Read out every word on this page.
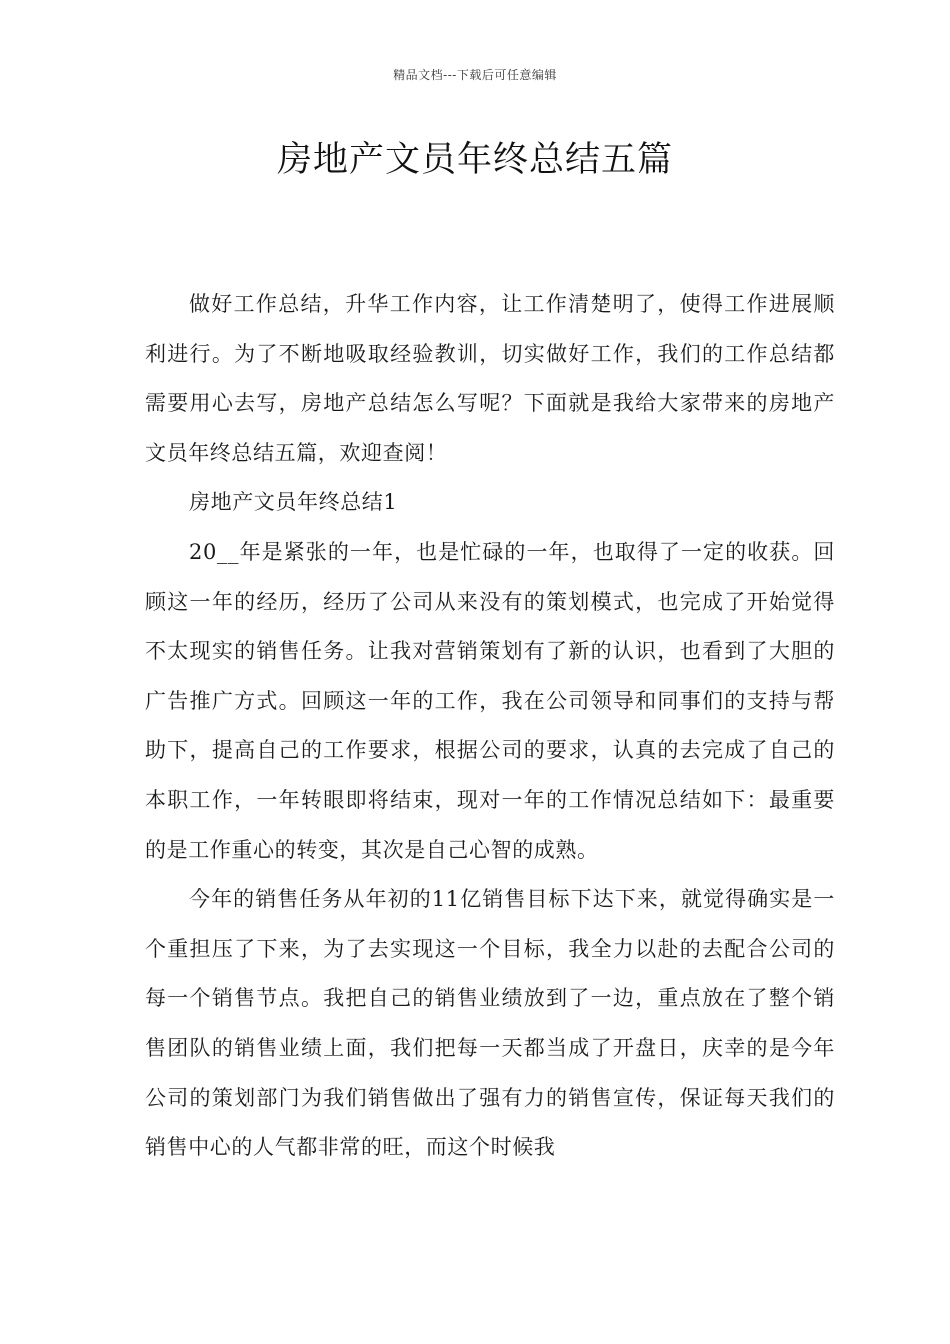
精品文档---下载后可任意编辑
房地产文员年终总结五篇

做好工作总结，升华工作内容，让工作清楚明了，使得工作进展顺利进行。为了不断地吸取经验教训，切实做好工作，我们的工作总结都需要用心去写，房地产总结怎么写呢？下面就是我给大家带来的房地产文员年终总结五篇，欢迎查阅！

房地产文员年终总结1

20__年是紧张的一年，也是忙碌的一年，也取得了一定的收获。回顾这一年的经历，经历了公司从来没有的策划模式，也完成了开始觉得不太现实的销售任务。让我对营销策划有了新的认识，也看到了大胆的广告推广方式。回顾这一年的工作，我在公司领导和同事们的支持与帮助下，提高自己的工作要求，根据公司的要求，认真的去完成了自己的本职工作，一年转眼即将结束，现对一年的工作情况总结如下：最重要的是工作重心的转变，其次是自己心智的成熟。

今年的销售任务从年初的11亿销售目标下达下来，就觉得确实是一个重担压了下来，为了去实现这一个目标，我全力以赴的去配合公司的每一个销售节点。我把自己的销售业绩放到了一边，重点放在了整个销售团队的销售业绩上面，我们把每一天都当成了开盘日，庆幸的是今年公司的策划部门为我们销售做出了强有力的销售宣传，保证每天我们的销售中心的人气都非常的旺，而这个时候我
